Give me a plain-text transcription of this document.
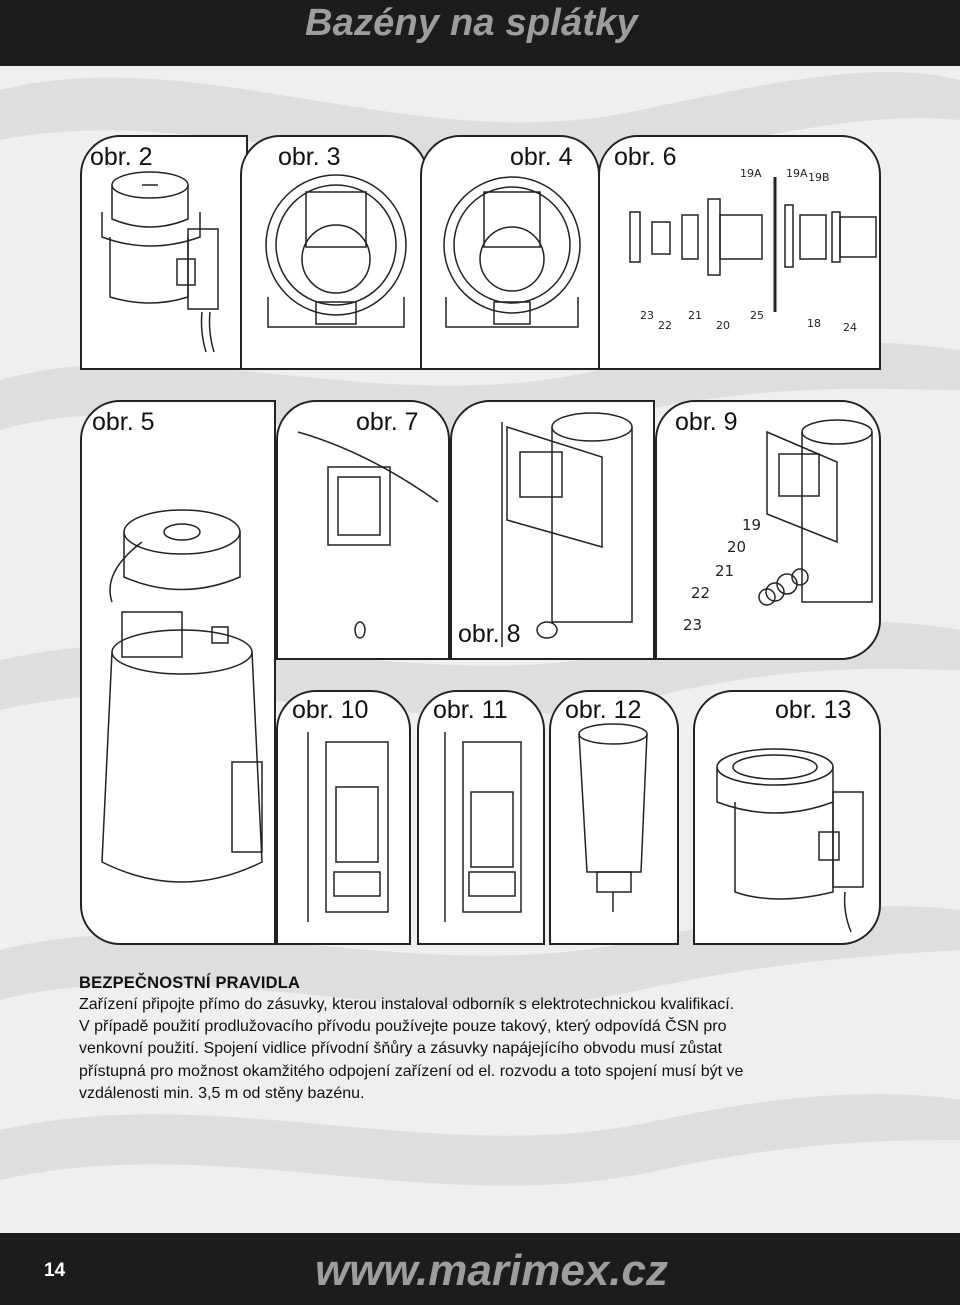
Bazény na splátky
obr. 2	obr. 3	obr. 4 obr. 6
19A 19A 19B
23
22
21
20
25
18 24
obr. 5	obr. 7
obr. 8
obr. 9
19
20
21
22
23
obr. 10	obr. 11 obr. 12	obr. 13
BEZPEČNOSTNÍ PRAVIDLA

Zařízení připojte přímo do zásuvky, kterou instaloval odborník s elektrotechnickou kvalifikací.
V případě použití prodlužovacího přívodu používejte pouze takový, který odpovídá ČSN pro
venkovní použití. Spojení vidlice přívodní šňůry a zásuvky napájejícího obvodu musí zůstat
přístupná pro možnost okamžitého odpojení zařízení od el. rozvodu a toto spojení musí být ve
vzdálenosti min. 3,5 m od stěny bazénu.

14	www.marimex.cz
